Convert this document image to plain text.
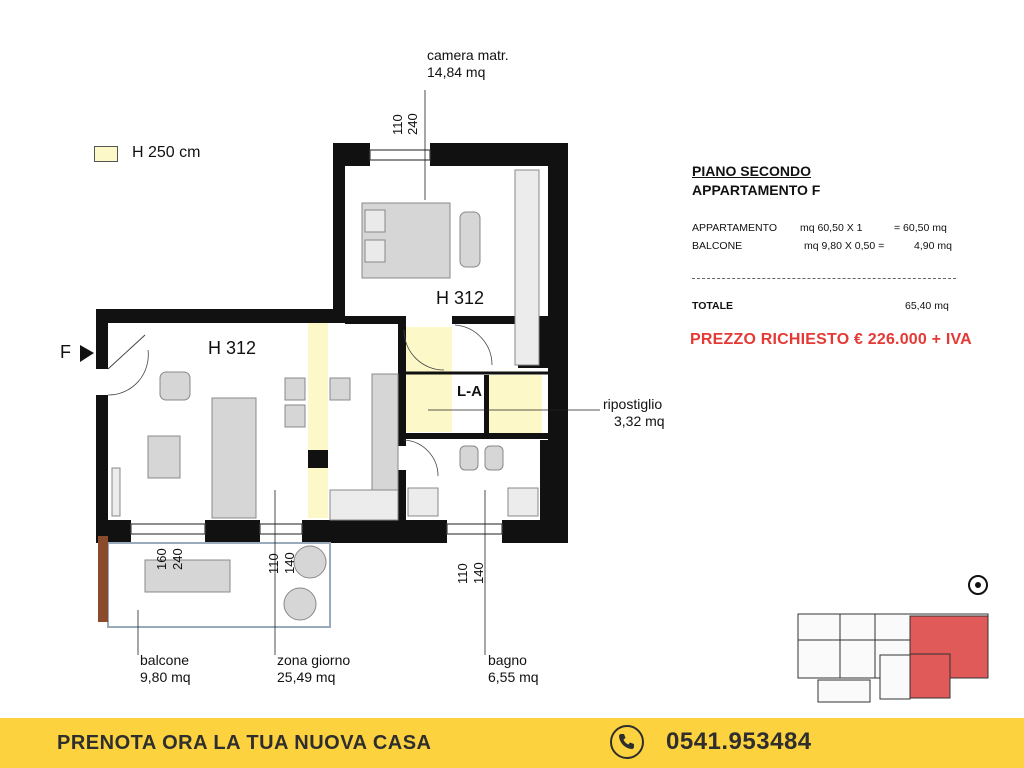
H 250 cm
camera matr.
14,84 mq
H 312
H 312
L-A
ripostiglio
3,32 mq
balcone
9,80 mq
zona giorno
25,49 mq
bagno
6,55 mq
F
110 240
160 240	110 140	110 140
PIANO SECONDO
APPARTAMENTO F
APPARTAMENTO mq 60,50 X 1	= 60,50 mq
BALCONE	mq 9,80 X 0,50 =	4,90 mq
TOTALE	65,40 mq
PREZZO RICHIESTO € 226.000 + IVA
PRENOTA ORA LA TUA NUOVA CASA	0541.953484
